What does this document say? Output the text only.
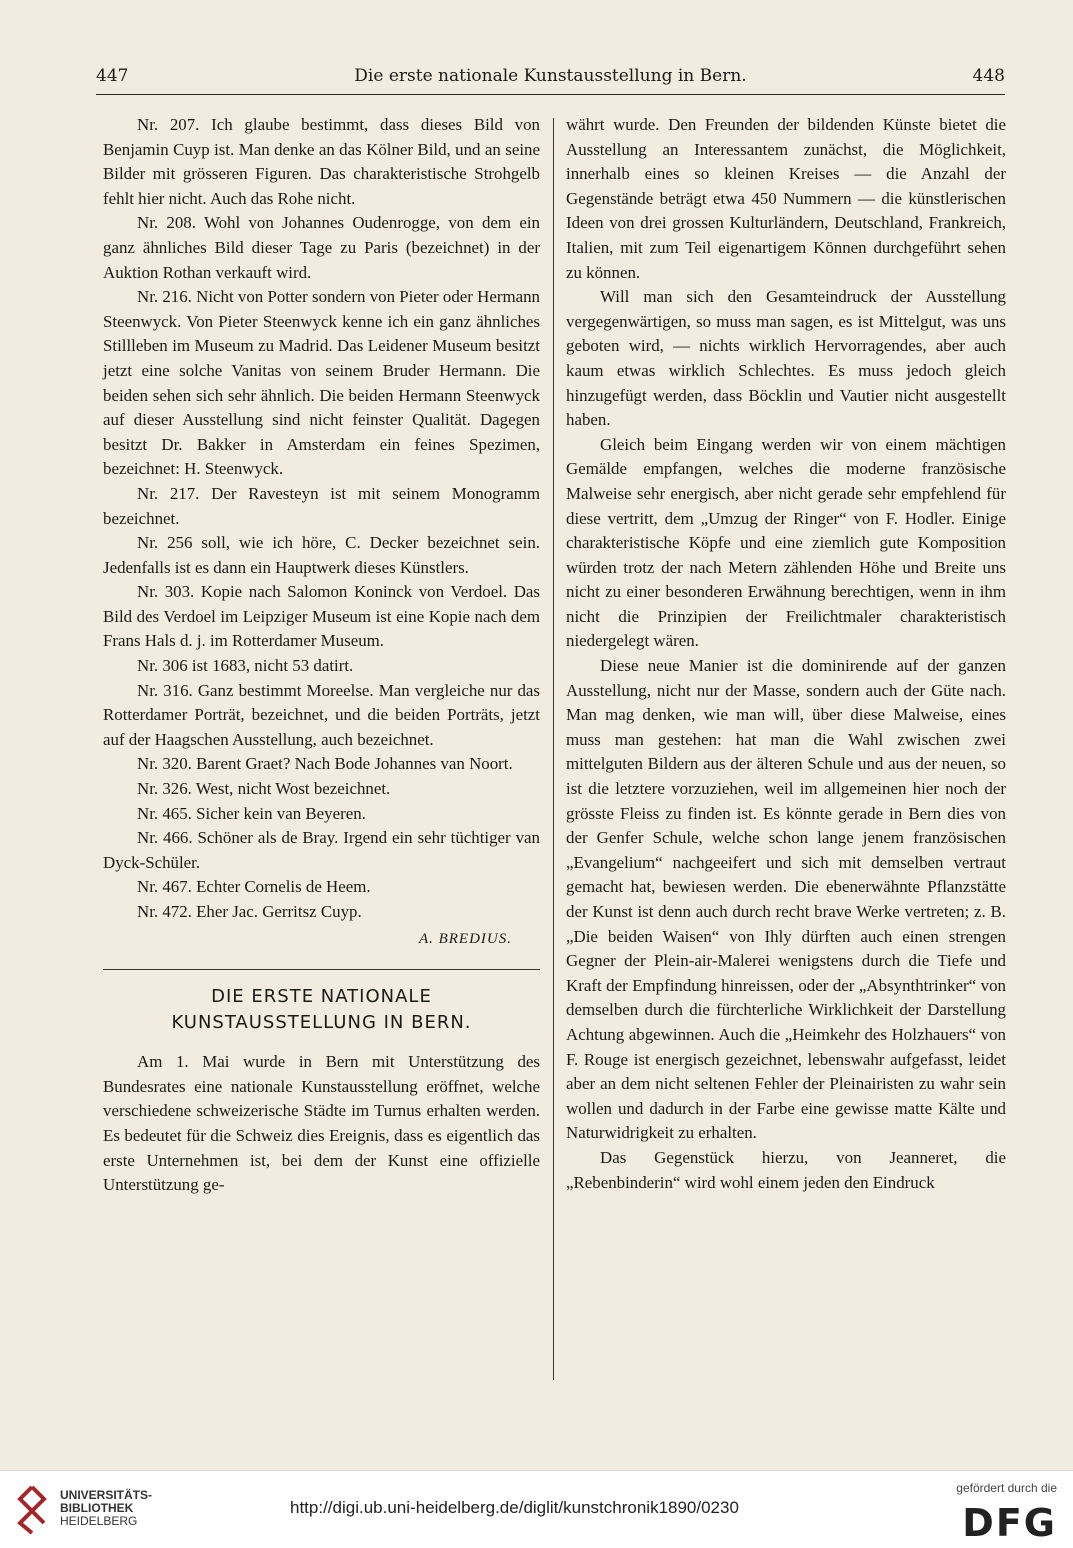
447	Die erste nationale Kunstausstellung in Bern.	448

Nr. 207. Ich glaube bestimmt, dass dieses Bild von Benjamin Cuyp ist. Man denke an das Kölner Bild, und an seine Bilder mit grösseren Figuren. Das charakteristische Strohgelb fehlt hier nicht. Auch das Rohe nicht.

Nr. 208. Wohl von Johannes Oudenrogge, von dem ein ganz ähnliches Bild dieser Tage zu Paris (bezeichnet) in der Auktion Rothan verkauft wird.

Nr. 216. Nicht von Potter sondern von Pieter oder Hermann Steenwyck. Von Pieter Steenwyck kenne ich ein ganz ähnliches Stillleben im Museum zu Madrid. Das Leidener Museum besitzt jetzt eine solche Vanitas von seinem Bruder Hermann. Die beiden sehen sich sehr ähnlich. Die beiden Hermann Steenwyck auf dieser Ausstellung sind nicht feinster Qualität. Dagegen besitzt Dr. Bakker in Amsterdam ein feines Spezimen, bezeichnet: H. Steenwyck.

Nr. 217. Der Ravesteyn ist mit seinem Monogramm bezeichnet.

Nr. 256 soll, wie ich höre, C. Decker bezeichnet sein. Jedenfalls ist es dann ein Hauptwerk dieses Künstlers.

Nr. 303. Kopie nach Salomon Koninck von Verdoel. Das Bild des Verdoel im Leipziger Museum ist eine Kopie nach dem Frans Hals d. j. im Rotterdamer Museum.

Nr. 306 ist 1683, nicht 53 datirt.

Nr. 316. Ganz bestimmt Moreelse. Man vergleiche nur das Rotterdamer Porträt, bezeichnet, und die beiden Porträts, jetzt auf der Haagschen Ausstellung, auch bezeichnet.

Nr. 320. Barent Graet? Nach Bode Johannes van Noort.

Nr. 326. West, nicht Wost bezeichnet.

Nr. 465. Sicher kein van Beyeren.

Nr. 466. Schöner als de Bray. Irgend ein sehr tüchtiger van Dyck-Schüler.

Nr. 467. Echter Cornelis de Heem.

Nr. 472. Eher Jac. Gerritsz Cuyp.

A. BREDIUS.
DIE ERSTE NATIONALE
KUNSTAUSSTELLUNG IN BERN.

Am 1. Mai wurde in Bern mit Unterstützung des Bundesrates eine nationale Kunstausstellung eröffnet, welche verschiedene schweizerische Städte im Turnus erhalten werden. Es bedeutet für die Schweiz dies Ereignis, dass es eigentlich das erste Unternehmen ist, bei dem der Kunst eine offizielle Unterstützung ge-

währt wurde. Den Freunden der bildenden Künste bietet die Ausstellung an Interessantem zunächst, die Möglichkeit, innerhalb eines so kleinen Kreises — die Anzahl der Gegenstände beträgt etwa 450 Nummern — die künstlerischen Ideen von drei grossen Kulturländern, Deutschland, Frankreich, Italien, mit zum Teil eigenartigem Können durchgeführt sehen zu können.

Will man sich den Gesamteindruck der Ausstellung vergegenwärtigen, so muss man sagen, es ist Mittelgut, was uns geboten wird, — nichts wirklich Hervorragendes, aber auch kaum etwas wirklich Schlechtes. Es muss jedoch gleich hinzugefügt werden, dass Böcklin und Vautier nicht ausgestellt haben.

Gleich beim Eingang werden wir von einem mächtigen Gemälde empfangen, welches die moderne französische Malweise sehr energisch, aber nicht gerade sehr empfehlend für diese vertritt, dem „Umzug der Ringer“ von F. Hodler. Einige charakteristische Köpfe und eine ziemlich gute Komposition würden trotz der nach Metern zählenden Höhe und Breite uns nicht zu einer besonderen Erwähnung berechtigen, wenn in ihm nicht die Prinzipien der Freilichtmaler charakteristisch niedergelegt wären.

Diese neue Manier ist die dominirende auf der ganzen Ausstellung, nicht nur der Masse, sondern auch der Güte nach. Man mag denken, wie man will, über diese Malweise, eines muss man gestehen: hat man die Wahl zwischen zwei mittelguten Bildern aus der älteren Schule und aus der neuen, so ist die letztere vorzuziehen, weil im allgemeinen hier noch der grösste Fleiss zu finden ist. Es könnte gerade in Bern dies von der Genfer Schule, welche schon lange jenem französischen „Evangelium“ nachgeeifert und sich mit demselben vertraut gemacht hat, bewiesen werden. Die ebenerwähnte Pflanzstätte der Kunst ist denn auch durch recht brave Werke vertreten; z. B. „Die beiden Waisen“ von Ihly dürften auch einen strengen Gegner der Plein-air-Malerei wenigstens durch die Tiefe und Kraft der Empfindung hinreissen, oder der „Absynthtrinker“ von demselben durch die fürchterliche Wirklichkeit der Darstellung Achtung abgewinnen. Auch die „Heimkehr des Holzhauers“ von F. Rouge ist energisch gezeichnet, lebenswahr aufgefasst, leidet aber an dem nicht seltenen Fehler der Pleinairisten zu wahr sein wollen und dadurch in der Farbe eine gewisse matte Kälte und Naturwidrigkeit zu erhalten.

Das Gegenstück hierzu, von Jeanneret, die „Rebenbinderin“ wird wohl einem jeden den Eindruck

UNIVERSITÄTS-
BIBLIOTHEK
HEIDELBERG
http://digi.ub.uni-heidelberg.de/diglit/kunstchronik1890/0230
gefördert durch die
DFG
